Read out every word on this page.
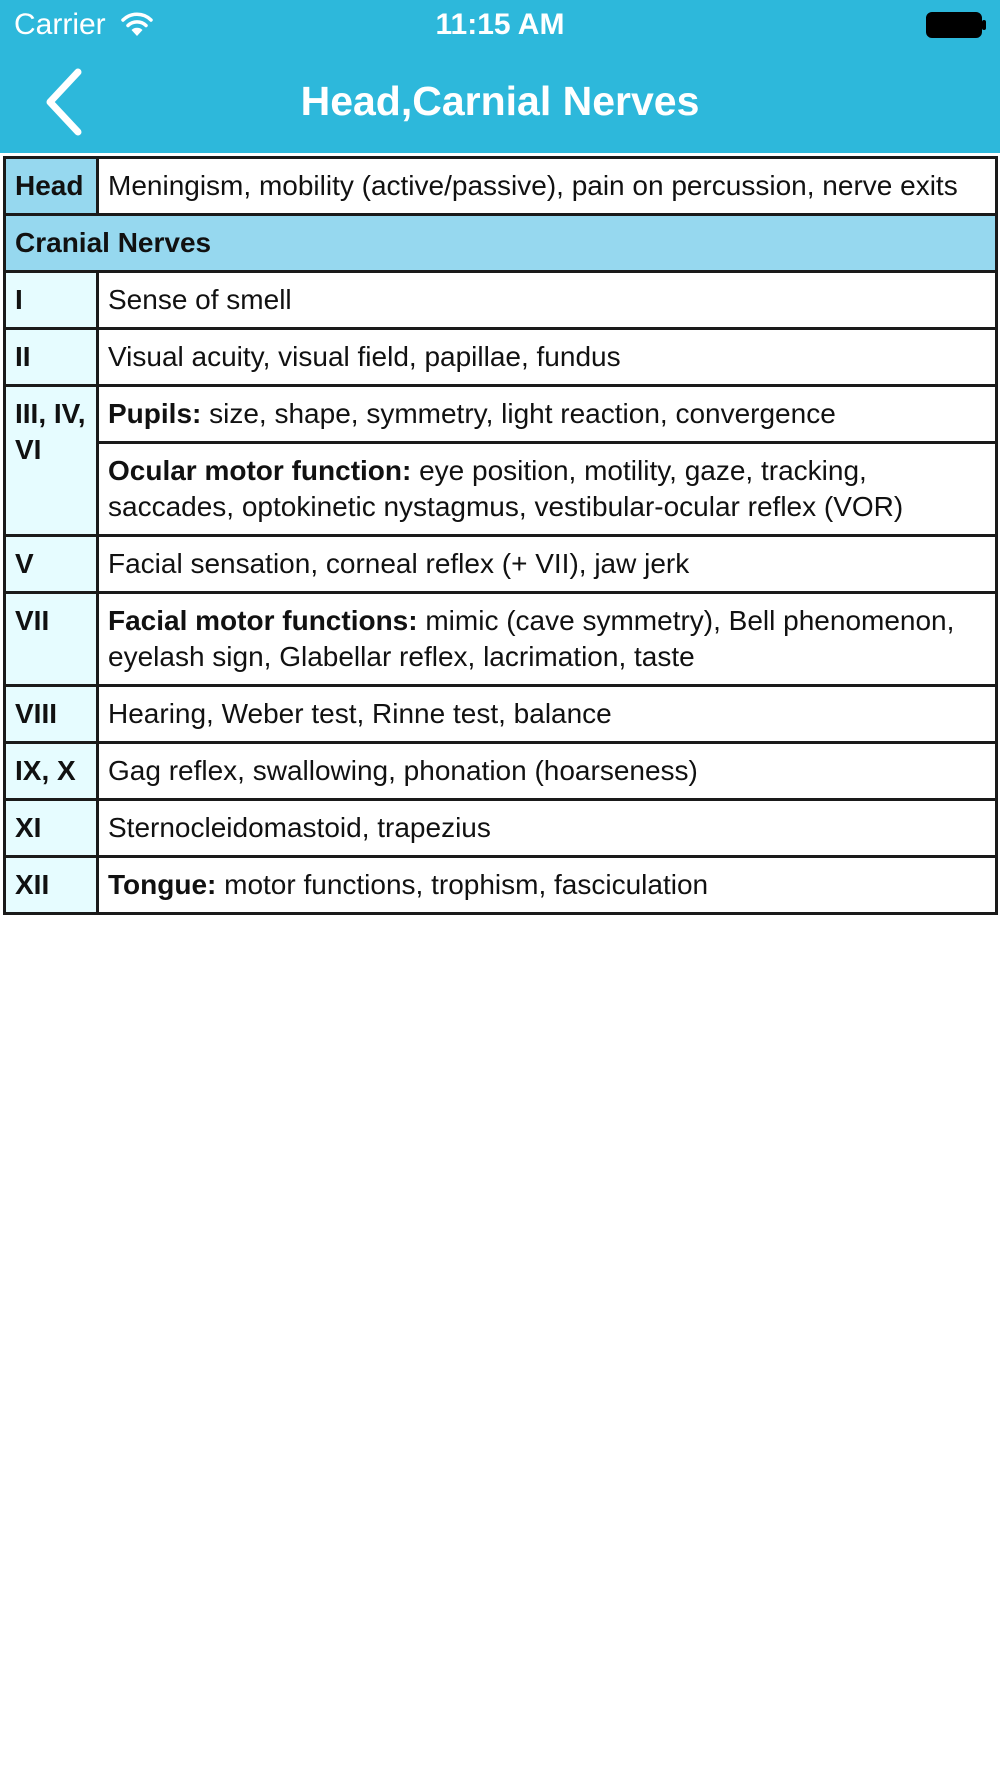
Carrier	11:15 AM
Head,Carnial Nerves
Head	Meningism, mobility (active/passive), pain on percussion, nerve exits
Cranial Nerves	
I	Sense of smell
II	Visual acuity, visual field, papillae, fundus
III, IV, VI	Pupils: size, shape, symmetry, light reaction, convergence
	Ocular motor function: eye position, motility, gaze, tracking, saccades, optokinetic nystagmus, vestibular-ocular reflex (VOR)
V	Facial sensation, corneal reflex (+ VII), jaw jerk
VII	Facial motor functions: mimic (cave symmetry), Bell phenomenon, eyelash sign, Glabellar reflex, lacrimation, taste
VIII	Hearing, Weber test, Rinne test, balance
IX, X	Gag reflex, swallowing, phonation (hoarseness)
XI	Sternocleidomastoid, trapezius
XII	Tongue: motor functions, trophism, fasciculation
